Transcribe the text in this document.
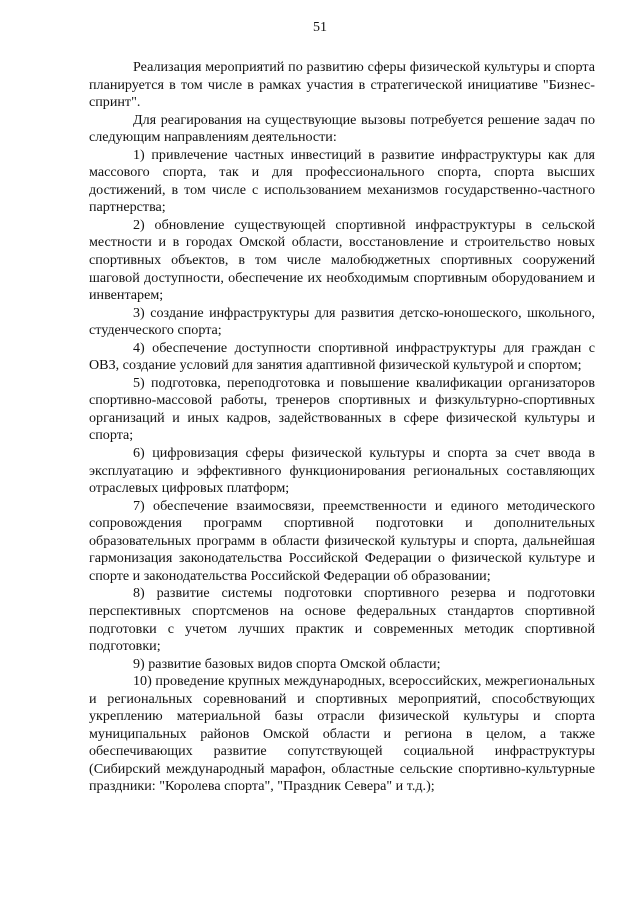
51

Реализация мероприятий по развитию сферы физической культуры и спорта планируется в том числе в рамках участия в стратегической инициативе "Бизнес-спринт".

Для реагирования на существующие вызовы потребуется решение задач по следующим направлениям деятельности:

1) привлечение частных инвестиций в развитие инфраструктуры как для массового спорта, так и для профессионального спорта, спорта высших достижений, в том числе с использованием механизмов государственно-частного партнерства;

2) обновление существующей спортивной инфраструктуры в сельской местности и в городах Омской области, восстановление и строительство новых спортивных объектов, в том числе малобюджетных спортивных сооружений шаговой доступности, обеспечение их необходимым спортивным оборудованием и инвентарем;

3) создание инфраструктуры для развития детско-юношеского, школьного, студенческого спорта;

4) обеспечение доступности спортивной инфраструктуры для граждан с ОВЗ, создание условий для занятия адаптивной физической культурой и спортом;

5) подготовка, переподготовка и повышение квалификации организаторов спортивно-массовой работы, тренеров спортивных и физкультурно-спортивных организаций и иных кадров, задействованных в сфере физической культуры и спорта;

6) цифровизация сферы физической культуры и спорта за счет ввода в эксплуатацию и эффективного функционирования региональных составляющих отраслевых цифровых платформ;

7) обеспечение взаимосвязи, преемственности и единого методического сопровождения программ спортивной подготовки и дополнительных образовательных программ в области физической культуры и спорта, дальнейшая гармонизация законодательства Российской Федерации о физической культуре и спорте и законодательства Российской Федерации об образовании;

8) развитие системы подготовки спортивного резерва и подготовки перспективных спортсменов на основе федеральных стандартов спортивной подготовки с учетом лучших практик и современных методик спортивной подготовки;

9) развитие базовых видов спорта Омской области;

10) проведение крупных международных, всероссийских, межрегиональных и региональных соревнований и спортивных мероприятий, способствующих укреплению материальной базы отрасли физической культуры и спорта муниципальных районов Омской области и региона в целом, а также обеспечивающих развитие сопутствующей социальной инфраструктуры (Сибирский международный марафон, областные сельские спортивно-культурные праздники: "Королева спорта", "Праздник Севера" и т.д.);
